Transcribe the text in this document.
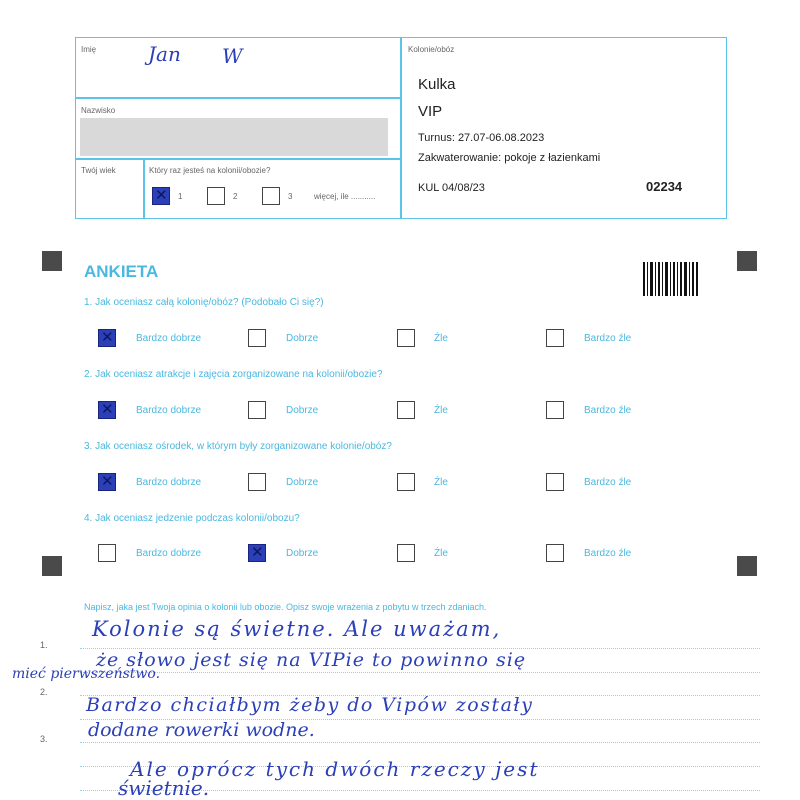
Imię	Jan W
Nazwisko
Twój wiek	Który raz jesteś na kolonii/obozie?
✕
1	2	3	więcej, ile ...........
Kolonie/obóz
Kulka
VIP
Turnus: 27.07-06.08.2023
Zakwaterowanie: pokoje z łazienkami
KUL 04/08/23	02234
ANKIETA
1. Jak oceniasz całą kolonię/obóz? (Podobało Ci się?)
✕
Bardzo dobrze	Dobrze	Źle	Bardzo źle
2. Jak oceniasz atrakcje i zajęcia zorganizowane na kolonii/obozie?
✕
Bardzo dobrze	Dobrze	Źle	Bardzo źle
3. Jak oceniasz ośrodek, w którym były zorganizowane kolonie/obóz?
✕
Bardzo dobrze	Dobrze	Źle	Bardzo źle
4. Jak oceniasz jedzenie podczas kolonii/obozu?
Bardzo dobrze
✕	Dobrze	Źle	Bardzo źle
Napisz, jaka jest Twoja opinia o kolonii lub obozie. Opisz swoje wrażenia z pobytu w trzech zdaniach.
1.
2.
3.
Kolonie są świetne. Ale uważam,
że słowo jest się na VIPie to powinno się
mieć pierwszeństwo.
Bardzo chciałbym żeby do Vipów zostały
dodane rowerki wodne.
Ale oprócz tych dwóch rzeczy jest
świetnie.
